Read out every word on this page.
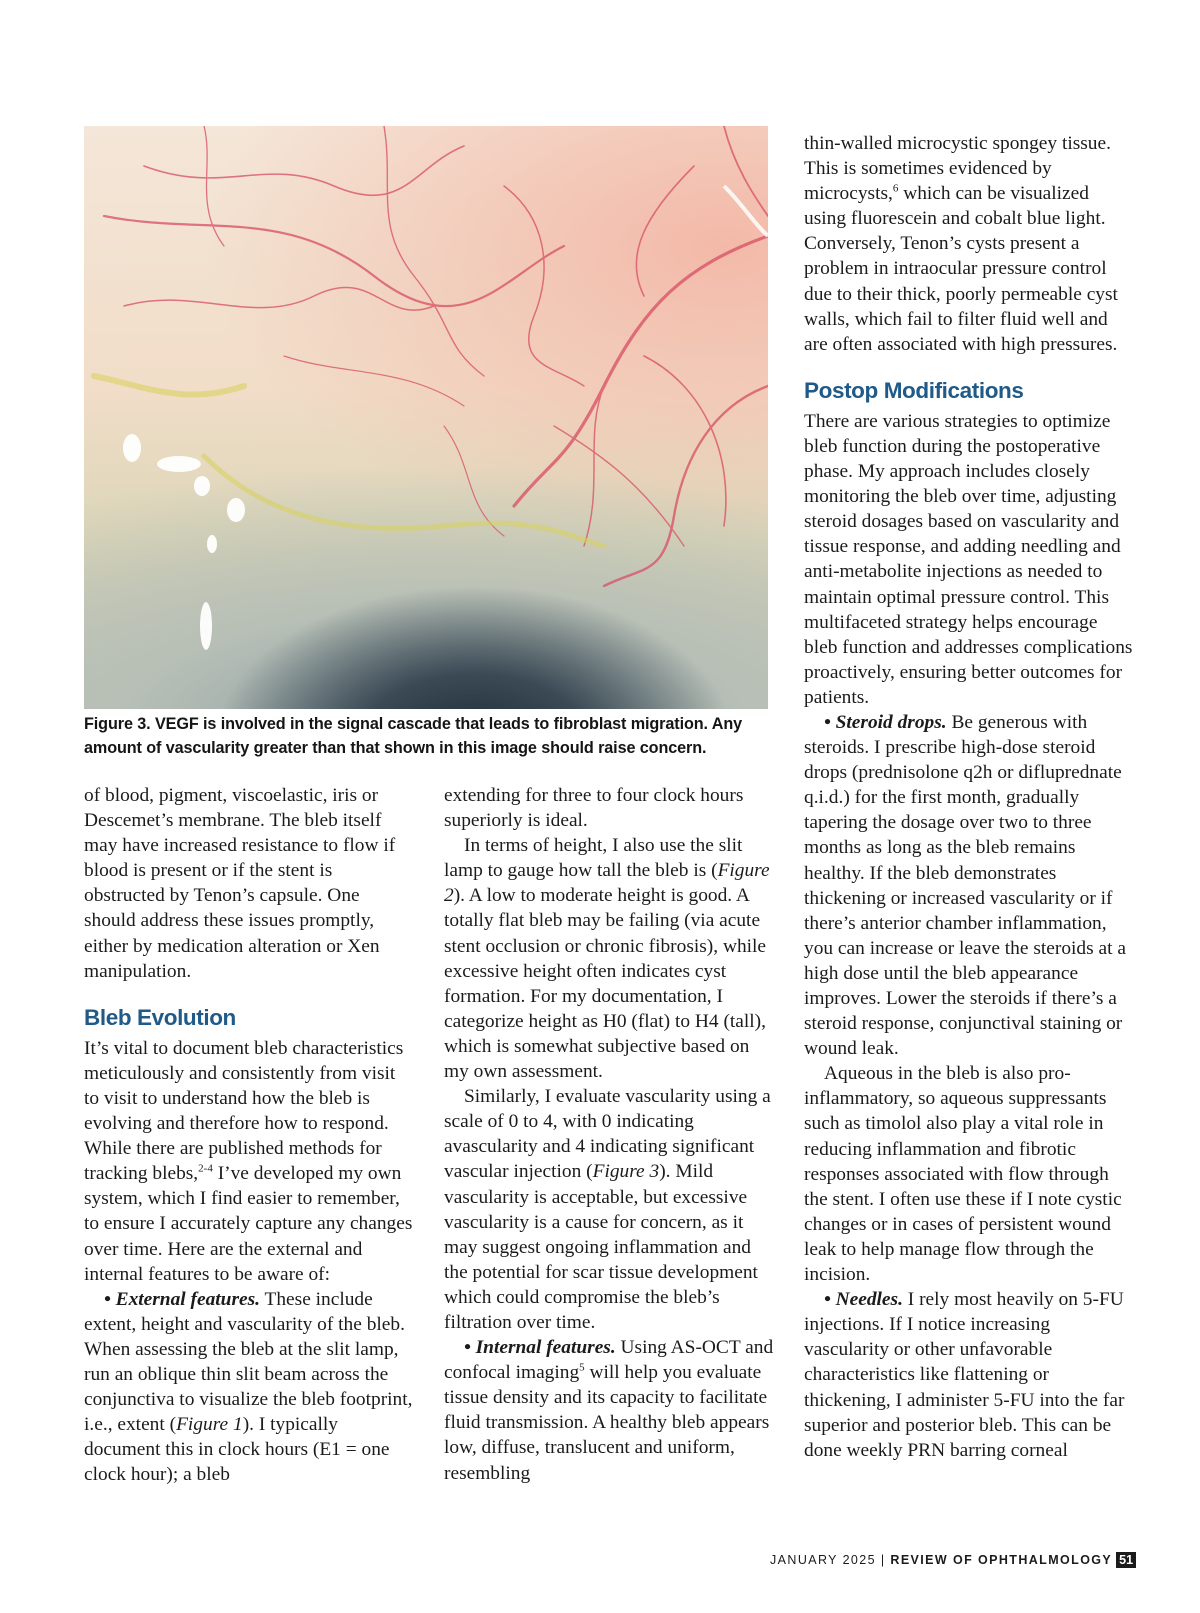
Figure 3. VEGF is involved in the signal cascade that leads to fibroblast migration. Any amount of vascularity greater than that shown in this image should raise concern.

of blood, pigment, viscoelastic, iris or Descemet’s membrane. The bleb itself may have increased resistance to flow if blood is present or if the stent is obstructed by Tenon’s capsule. One should address these issues promptly, either by medication alteration or Xen manipulation.

Bleb Evolution

It’s vital to document bleb characteristics meticulously and consistently from visit to visit to understand how the bleb is evolving and therefore how to respond. While there are published methods for tracking blebs,$^{2-4}$ I’ve developed my own system, which I find easier to remember, to ensure I accurately capture any changes over time. Here are the external and internal features to be aware of:

• External features. These include extent, height and vascularity of the bleb. When assessing the bleb at the slit lamp, run an oblique thin slit beam across the conjunctiva to visualize the bleb footprint, i.e., extent (Figure 1). I typically document this in clock hours (E1 = one clock hour); a bleb

extending for three to four clock hours superiorly is ideal.

In terms of height, I also use the slit lamp to gauge how tall the bleb is (Figure 2). A low to moderate height is good. A totally flat bleb may be failing (via acute stent occlusion or chronic fibrosis), while excessive height often indicates cyst formation. For my documentation, I categorize height as H0 (flat) to H4 (tall), which is somewhat subjective based on my own assessment.

Similarly, I evaluate vascularity using a scale of 0 to 4, with 0 indicating avascularity and 4 indicating significant vascular injection (Figure 3). Mild vascularity is acceptable, but excessive vascularity is a cause for concern, as it may suggest ongoing inflammation and the potential for scar tissue development which could compromise the bleb’s filtration over time.

• Internal features. Using AS-OCT and confocal imaging$^5$ will help you evaluate tissue density and its capacity to facilitate fluid transmission. A healthy bleb appears low, diffuse, translucent and uniform, resembling

thin-walled microcystic spongey tissue. This is sometimes evidenced by microcysts,$^6$ which can be visualized using fluorescein and cobalt blue light. Conversely, Tenon’s cysts present a problem in intraocular pressure control due to their thick, poorly permeable cyst walls, which fail to filter fluid well and are often associated with high pressures.

Postop Modifications

There are various strategies to optimize bleb function during the postoperative phase. My approach includes closely monitoring the bleb over time, adjusting steroid dosages based on vascularity and tissue response, and adding needling and anti-metabolite injections as needed to maintain optimal pressure control. This multifaceted strategy helps encourage bleb function and addresses complications proactively, ensuring better outcomes for patients.

• Steroid drops. Be generous with steroids. I prescribe high-dose steroid drops (prednisolone q2h or difluprednate q.i.d.) for the first month, gradually tapering the dosage over two to three months as long as the bleb remains healthy. If the bleb demonstrates thickening or increased vascularity or if there’s anterior chamber inflammation, you can increase or leave the steroids at a high dose until the bleb appearance improves. Lower the steroids if there’s a steroid response, conjunctival staining or wound leak.

Aqueous in the bleb is also pro-inflammatory, so aqueous suppressants such as timolol also play a vital role in reducing inflammation and fibrotic responses associated with flow through the stent. I often use these if I note cystic changes or in cases of persistent wound leak to help manage flow through the incision.

• Needles. I rely most heavily on 5-FU injections. If I notice increasing vascularity or other unfavorable characteristics like flattening or thickening, I administer 5-FU into the far superior and posterior bleb. This can be done weekly PRN barring corneal

JANUARY 2025 | REVIEW OF OPHTHALMOLOGY 51
